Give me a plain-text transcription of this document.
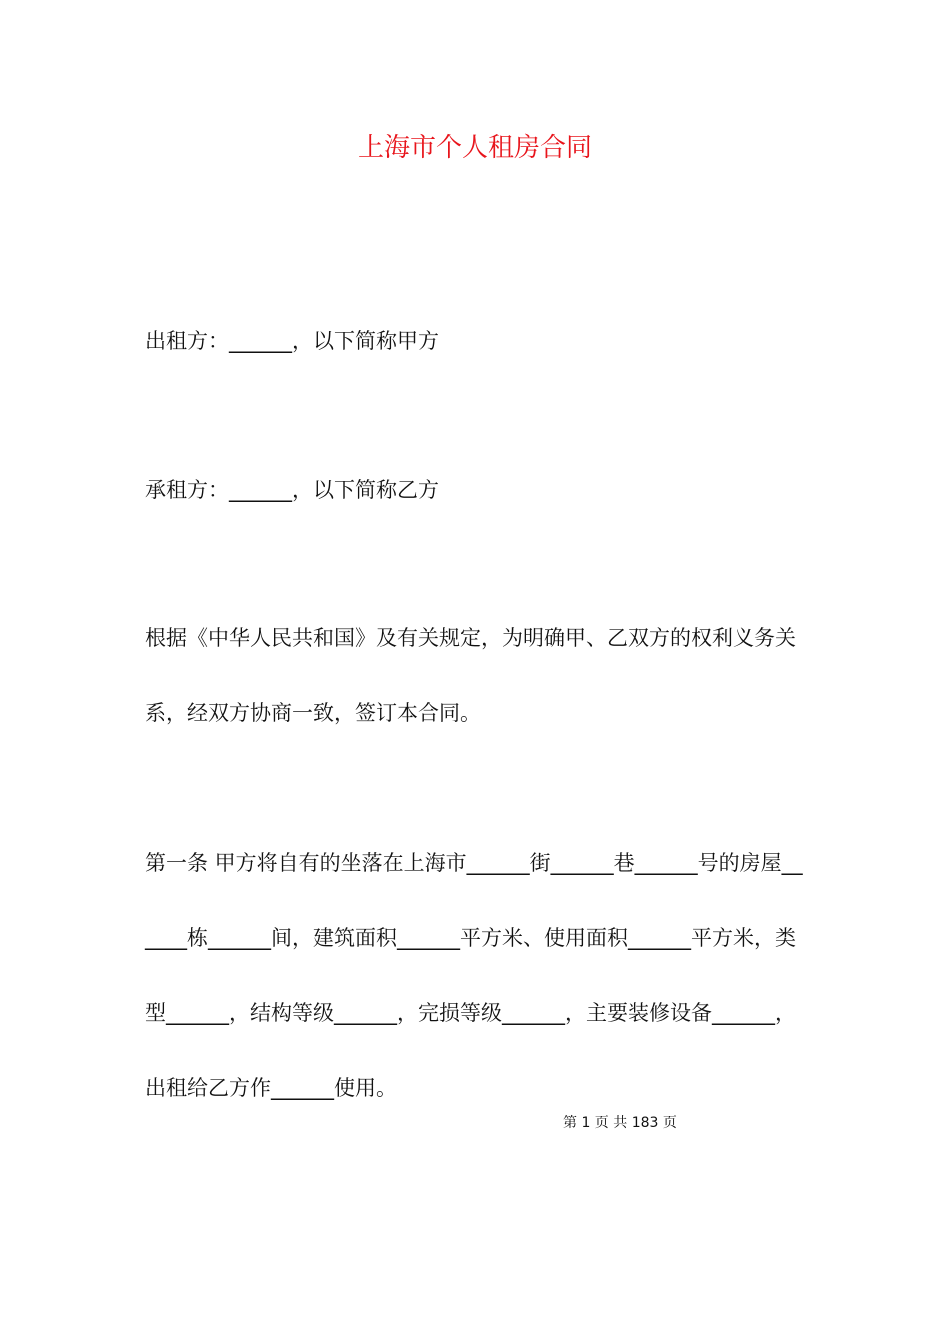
上海市个人租房合同

出租方：______，以下简称甲方

承租方：______，以下简称乙方

根据《中华人民共和国》及有关规定，为明确甲、乙双方的权利义务关系，经双方协商一致，签订本合同。

第一条 甲方将自有的坐落在上海市______街______巷______号的房屋______栋______间，建筑面积______平方米、使用面积______平方米，类型______，结构等级______，完损等级______，主要装修设备______，出租给乙方作______使用。

第 1 页 共 183 页
